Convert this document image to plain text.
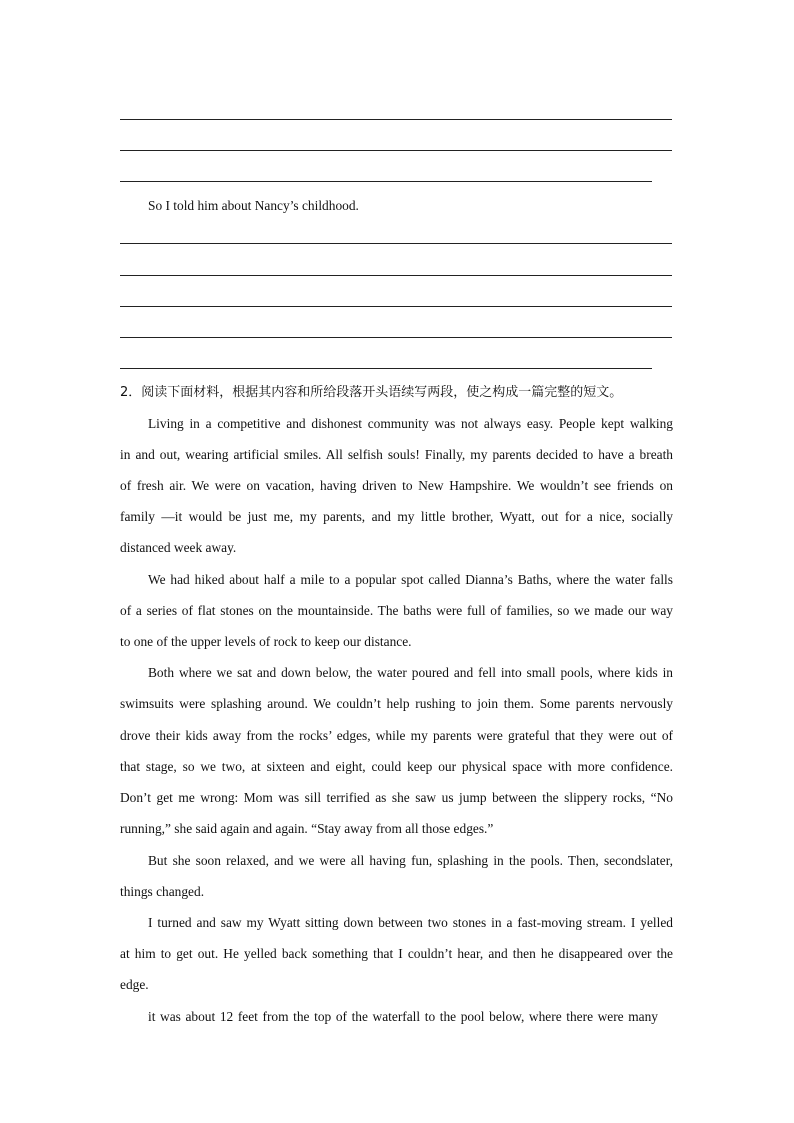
So I told him about Nancy’s childhood.
2．阅读下面材料，根据其内容和所给段落开头语续写两段，使之构成一篇完整的短文。
Living in a competitive and dishonest community was not always easy. People kept walking
in and out, wearing artificial smiles. All selfish souls! Finally, my parents decided to have a breath
of fresh air. We were on vacation, having driven to New Hampshire. We wouldn’t see friends on
family —it would be just me, my parents, and my little brother, Wyatt, out for a nice, socially
distanced week away.
We had hiked about half a mile to a popular spot called Dianna’s Baths, where the water falls
of a series of flat stones on the mountainside. The baths were full of families, so we made our way
to one of the upper levels of rock to keep our distance.
Both where we sat and down below, the water poured and fell into small pools, where kids in
swimsuits were splashing around. We couldn’t help rushing to join them. Some parents nervously
drove their kids away from the rocks’ edges, while my parents were grateful that they were out of
that stage, so we two, at sixteen and eight, could keep our physical space with more confidence.
Don’t get me wrong: Mom was sill terrified as she saw us jump between the slippery rocks, “No
running,” she said again and again. “Stay away from all those edges.”
But she soon relaxed, and we were all having fun, splashing in the pools. Then, secondslater,
things changed.
I turned and saw my Wyatt sitting down between two stones in a fast-moving stream. I yelled
at him to get out. He yelled back something that I couldn’t hear, and then he disappeared over the
edge.
it was about 12 feet from the top of the waterfall to the pool below, where there were many
